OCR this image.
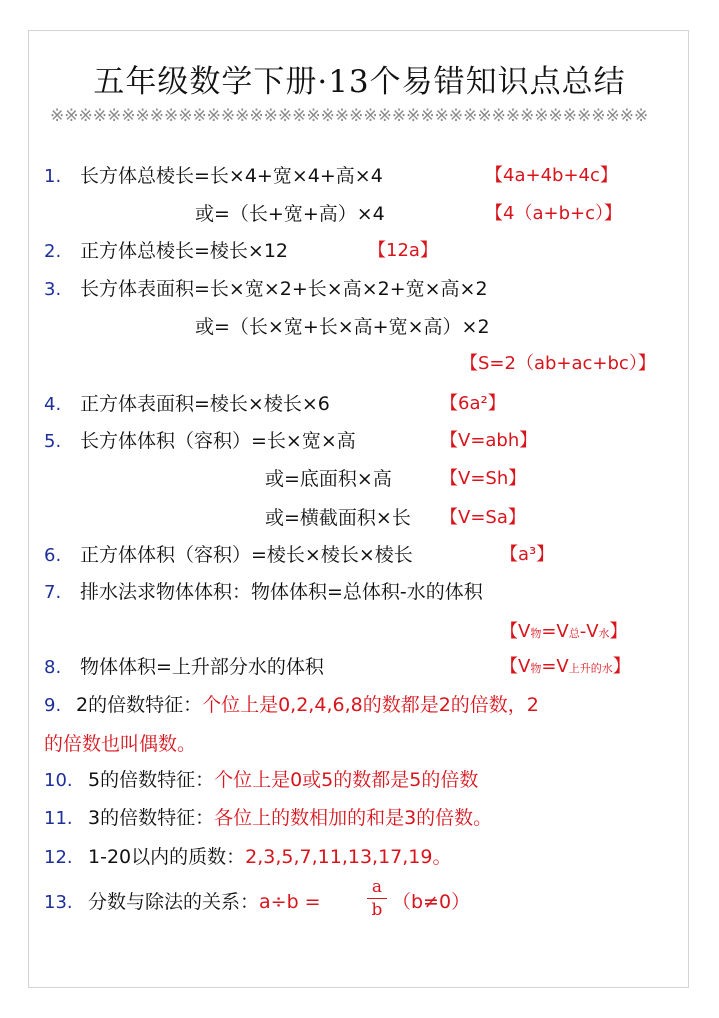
五年级数学下册·13个易错知识点总结
※※※※※※※※※※※※※※※※※※※※※※※※※※※※※※※※※※※※※※※※※※
1. 长方体总棱长=长×4+宽×4+高×4	【4a+4b+4c】
或=（长+宽+高）×4	【4（a+b+c）】
2. 正方体总棱长=棱长×12	【12a】
3. 长方体表面积=长×宽×2+长×高×2+宽×高×2
或=（长×宽+长×高+宽×高）×2
【S=2（ab+ac+bc）】
4. 正方体表面积=棱长×棱长×6	【6a²】
5. 长方体体积（容积）=长×宽×高	【V=abh】
或=底面积×高	【V=Sh】
或=横截面积×长 【V=Sa】
6. 正方体体积（容积）=棱长×棱长×棱长	【a³】
7. 排水法求物体体积：物体体积=总体积-水的体积
【V物=V总-V水】
8. 物体体积=上升部分水的体积	【V物=V上升的水】
9. 2的倍数特征：个位上是0,2,4,6,8的数都是2的倍数，2
的倍数也叫偶数。
10. 5的倍数特征：个位上是0或5的数都是5的倍数
11. 3的倍数特征：各位上的数相加的和是3的倍数。
12. 1-20以内的质数：2,3,5,7,11,13,17,19。
13. 分数与除法的关系：a÷b =
a
b （b≠0）
